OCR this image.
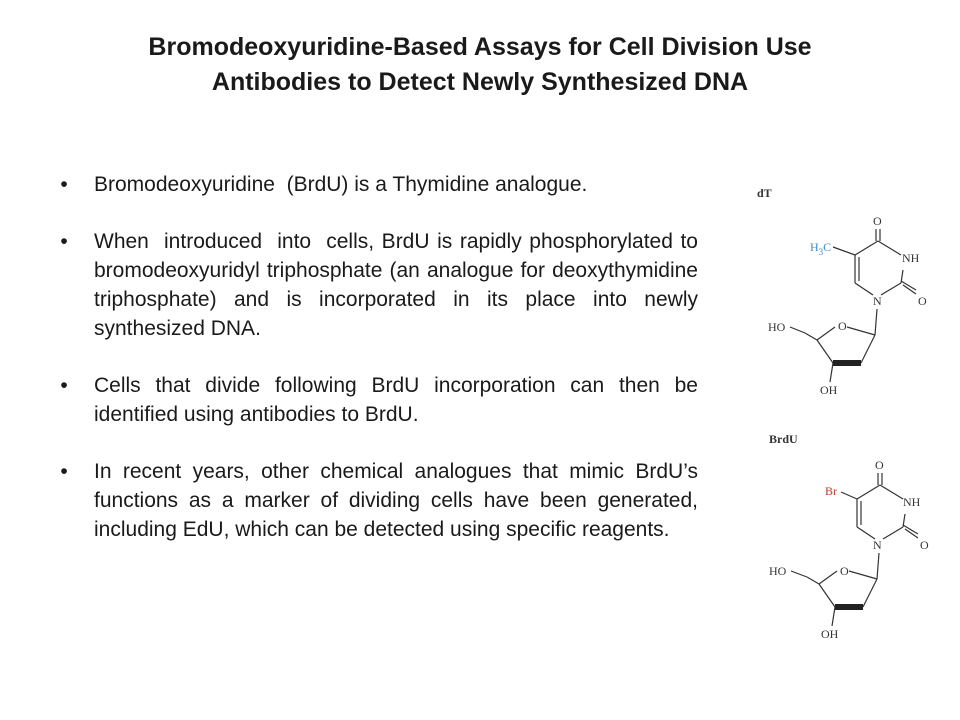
Bromodeoxyuridine-Based Assays for Cell Division Use
Antibodies to Detect Newly Synthesized DNA
• Bromodeoxyuridine  (BrdU) is a Thymidine analogue.
• When  introduced  into  cells, BrdU is rapidly phosphorylated to bromodeoxyuridyl triphosphate (an analogue for deoxythymidine triphosphate) and is incorporated in its place into newly synthesized DNA.
• Cells that divide following BrdU incorporation can then be identified using antibodies to BrdU.
• In recent years, other chemical analogues that mimic BrdU’s functions as a marker of dividing cells have been generated, including EdU, which can be detected using specific reagents.
dT
O
NH
N	O
O
HO
OH
$H_3C$
BrdU
O
NH
N	O
O
HO
OH
Br
